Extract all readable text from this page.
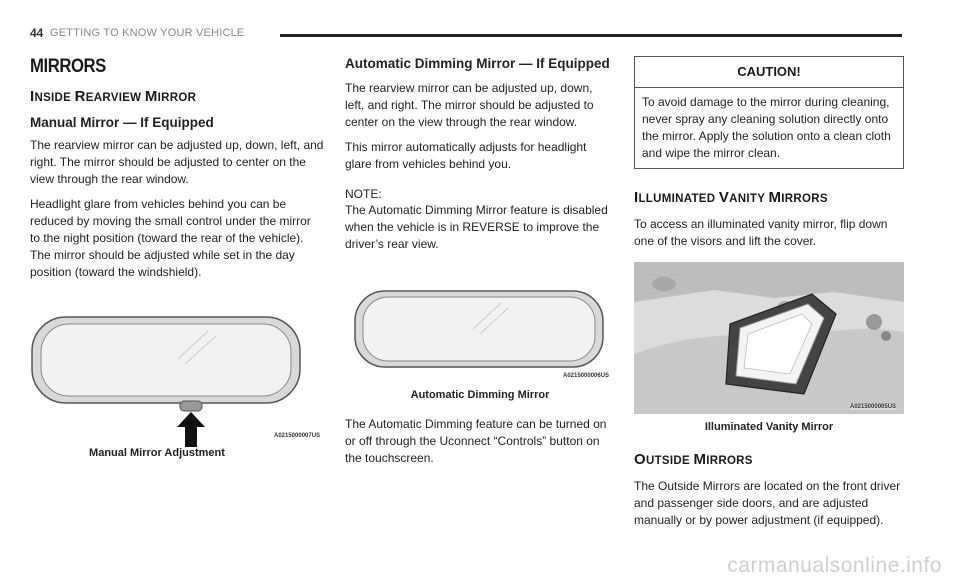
44 GETTING TO KNOW YOUR VEHICLE
MIRRORS
INSIDE REARVIEW MIRROR
Manual Mirror — If Equipped

The rearview mirror can be adjusted up, down, left, and right. The mirror should be adjusted to center on the view through the rear window.

Headlight glare from vehicles behind you can be reduced by moving the small control under the mirror to the night position (toward the rear of the vehicle). The mirror should be adjusted while set in the day position (toward the windshield).

A0215000007US
Manual Mirror Adjustment
Automatic Dimming Mirror — If Equipped

The rearview mirror can be adjusted up, down, left, and right. The mirror should be adjusted to center on the view through the rear window.

This mirror automatically adjusts for headlight glare from vehicles behind you.

NOTE:
The Automatic Dimming Mirror feature is disabled when the vehicle is in REVERSE to improve the driver’s rear view.
A0215000006US
Automatic Dimming Mirror

The Automatic Dimming feature can be turned on or off through the Uconnect “Controls” button on the touchscreen.

CAUTION!
To avoid damage to the mirror during cleaning, never spray any cleaning solution directly onto the mirror. Apply the solution onto a clean cloth and wipe the mirror clean.
ILLUMINATED VANITY MIRRORS

To access an illuminated vanity mirror, flip down one of the visors and lift the cover.

A0215000005US
Illuminated Vanity Mirror
OUTSIDE MIRRORS

The Outside Mirrors are located on the front driver and passenger side doors, and are adjusted manually or by power adjustment (if equipped).

carmanualsonline.info
